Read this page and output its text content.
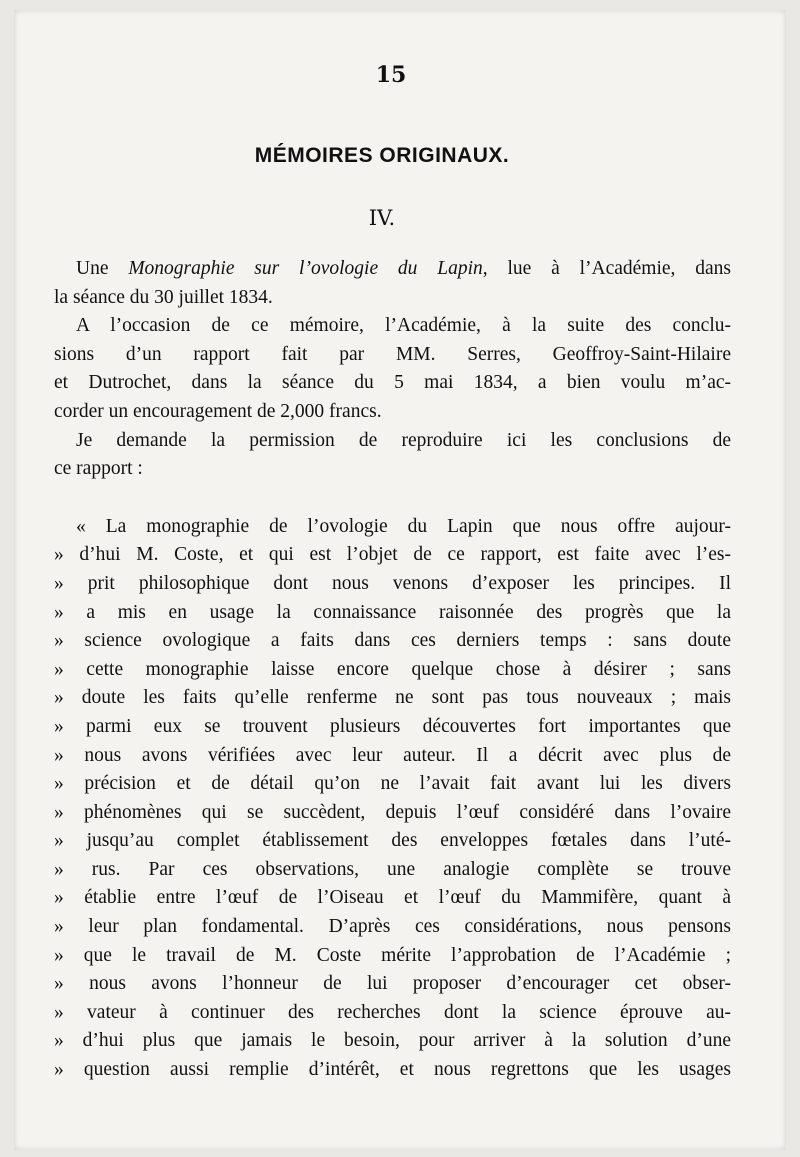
15
MÉMOIRES ORIGINAUX.
IV.
Une Monographie sur l’ovologie du Lapin, lue à l’Académie, dans
la séance du 30 juillet 1834.
A l’occasion de ce mémoire, l’Académie, à la suite des conclu-
sions d’un rapport fait par MM. Serres, Geoffroy-Saint-Hilaire
et Dutrochet, dans la séance du 5 mai 1834, a bien voulu m’ac-
corder un encouragement de 2,000 francs.
Je demande la permission de reproduire ici les conclusions de
ce rapport :
« La monographie de l’ovologie du Lapin que nous offre aujour-
» d’hui M. Coste, et qui est l’objet de ce rapport, est faite avec l’es-
» prit philosophique dont nous venons d’exposer les principes. Il
» a mis en usage la connaissance raisonnée des progrès que la
» science ovologique a faits dans ces derniers temps : sans doute
» cette monographie laisse encore quelque chose à désirer ; sans
» doute les faits qu’elle renferme ne sont pas tous nouveaux ; mais
» parmi eux se trouvent plusieurs découvertes fort importantes que
» nous avons vérifiées avec leur auteur. Il a décrit avec plus de
» précision et de détail qu’on ne l’avait fait avant lui les divers
» phénomènes qui se succèdent, depuis l’œuf considéré dans l’ovaire
» jusqu’au complet établissement des enveloppes fœtales dans l’uté-
» rus. Par ces observations, une analogie complète se trouve
» établie entre l’œuf de l’Oiseau et l’œuf du Mammifère, quant à
» leur plan fondamental. D’après ces considérations, nous pensons
» que le travail de M. Coste mérite l’approbation de l’Académie ;
» nous avons l’honneur de lui proposer d’encourager cet obser-
» vateur à continuer des recherches dont la science éprouve au-
» d’hui plus que jamais le besoin, pour arriver à la solution d’une
» question aussi remplie d’intérêt, et nous regrettons que les usages
